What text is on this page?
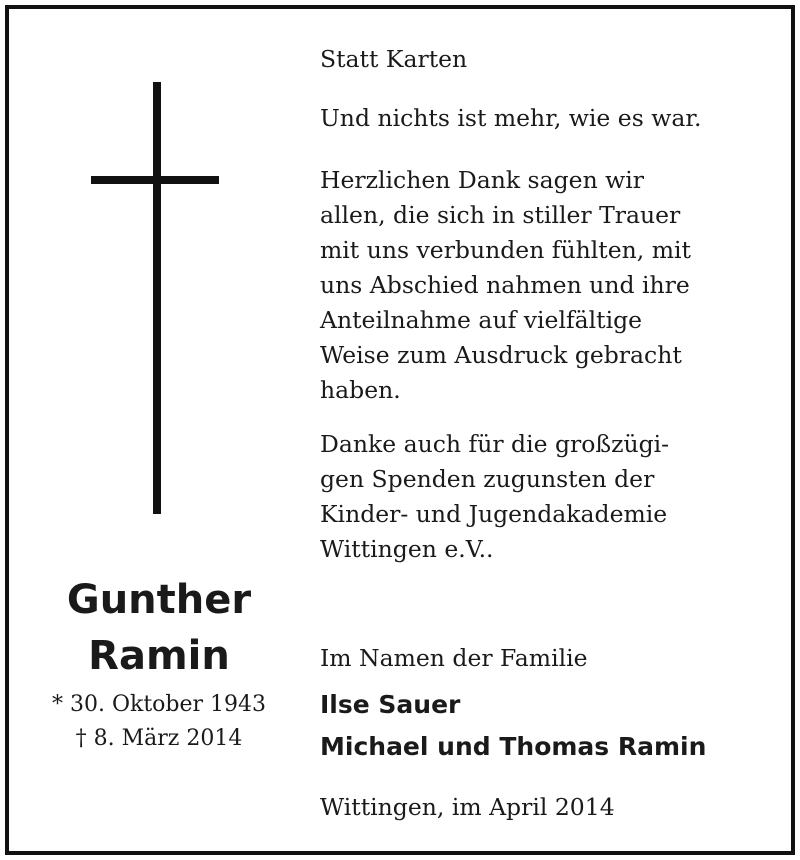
Gunther
Ramin
* 30. Oktober 1943
† 8. März 2014
Statt Karten
Und nichts ist mehr, wie es war.

Herzlichen Dank sagen wir

allen, die sich in stiller Trauer

mit uns verbunden fühlten, mit

uns Abschied nahmen und ihre

Anteilnahme auf vielfältige

Weise zum Ausdruck gebracht

haben.

Danke auch für die großzügi-

gen Spenden zugunsten der

Kinder- und Jugendakademie

Wittingen e.V..

Im Namen der Familie
Ilse Sauer
Michael und Thomas Ramin
Wittingen, im April 2014
